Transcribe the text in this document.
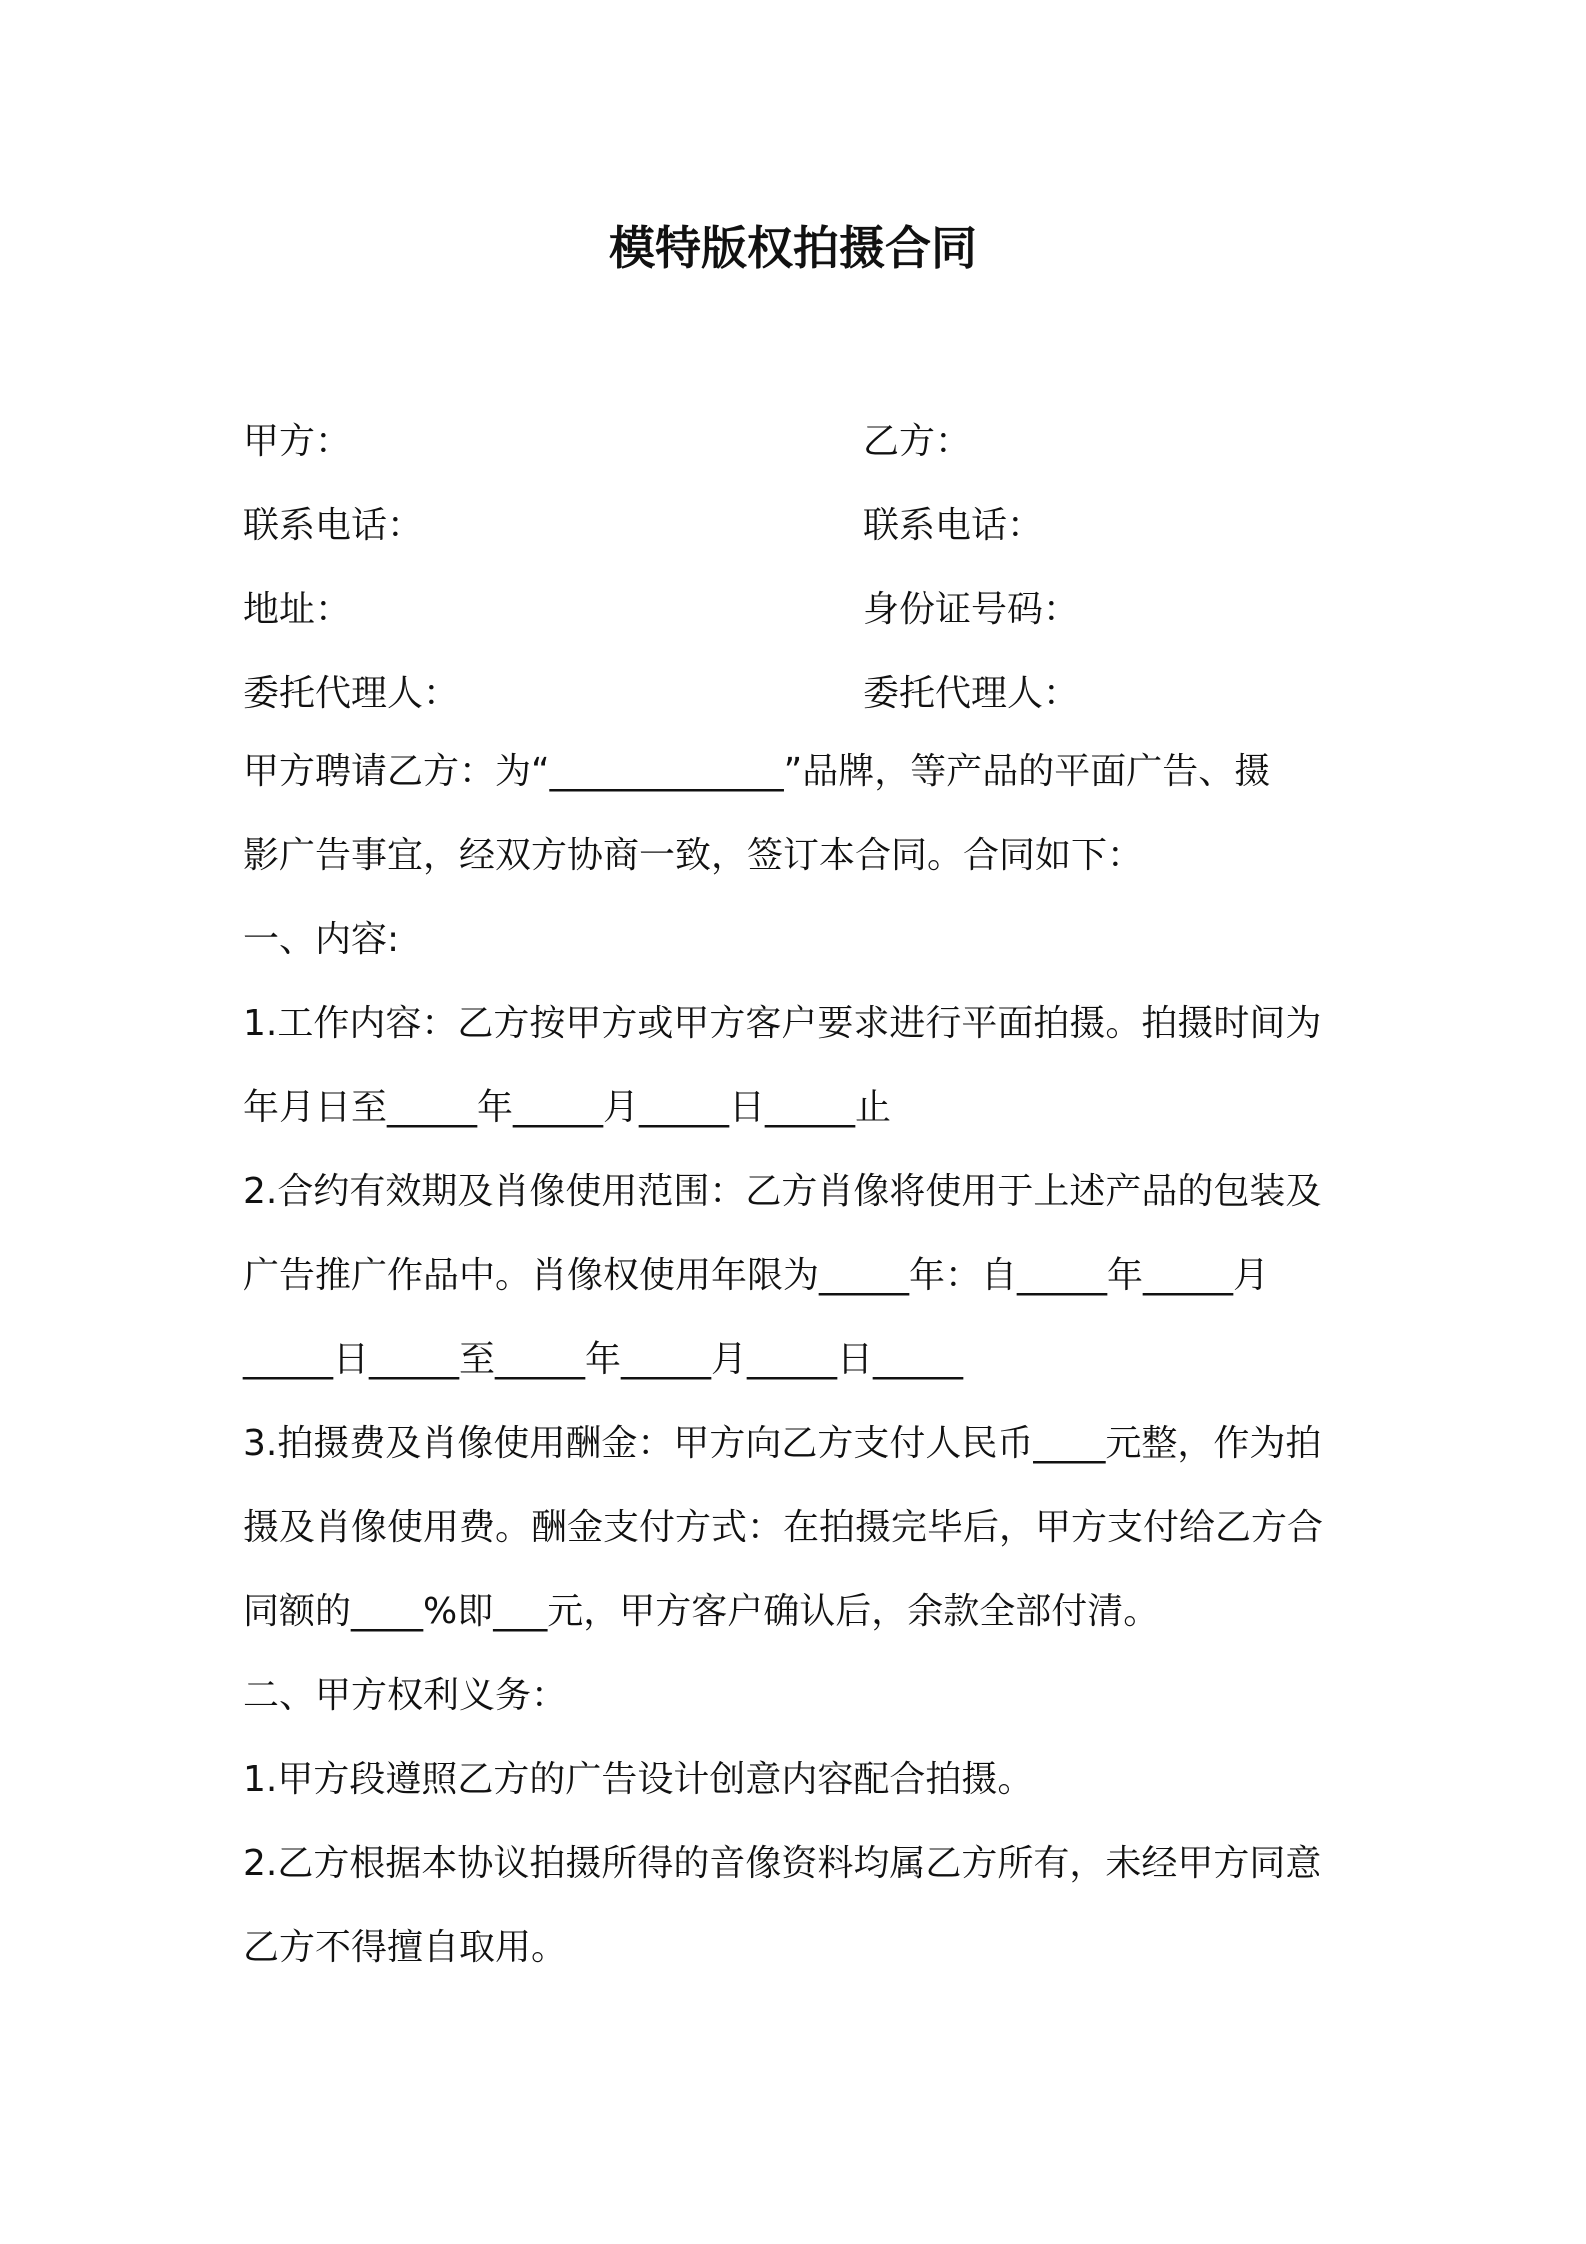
模特版权拍摄合同
甲方：	乙方：
联系电话：	联系电话：
地址：	身份证号码：
委托代理人：	委托代理人：

甲方聘请乙方：为“_____________”品牌，等产品的平面广告、摄

影广告事宜，经双方协商一致，签订本合同。合同如下：

一、内容:

1.工作内容：乙方按甲方或甲方客户要求进行平面拍摄。拍摄时间为

年月日至_____年_____月_____日_____止

2.合约有效期及肖像使用范围：乙方肖像将使用于上述产品的包装及

广告推广作品中。肖像权使用年限为_____年：自_____年_____月

_____日_____至_____年_____月_____日_____

3.拍摄费及肖像使用酬金：甲方向乙方支付人民币____元整，作为拍

摄及肖像使用费。酬金支付方式：在拍摄完毕后，甲方支付给乙方合

同额的____%即___元，甲方客户确认后，余款全部付清。

二、甲方权利义务：

1.甲方段遵照乙方的广告设计创意内容配合拍摄。

2.乙方根据本协议拍摄所得的音像资料均属乙方所有，未经甲方同意

乙方不得擅自取用。
